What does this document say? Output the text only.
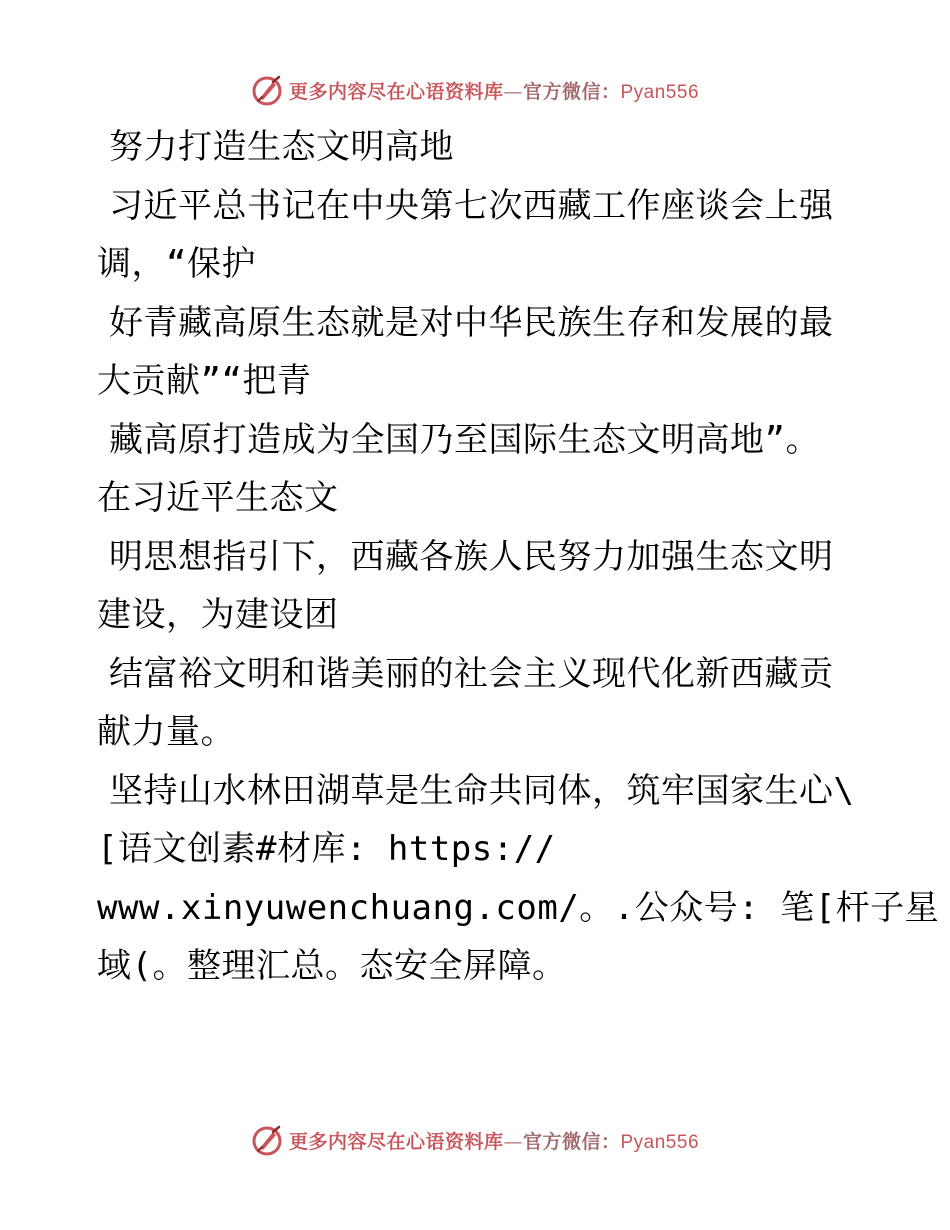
更多内容尽在心语资料库—官方微信：Pyan556
努力打造生态文明高地
习近平总书记在中央第七次西藏工作座谈会上强
调，“保护
好青藏高原生态就是对中华民族生存和发展的最
大贡献”“把青
藏高原打造成为全国乃至国际生态文明高地”。
在习近平生态文
明思想指引下，西藏各族人民努力加强生态文明
建设，为建设团
结富裕文明和谐美丽的社会主义现代化新西藏贡
献力量。
坚持山水林田湖草是生命共同体，筑牢国家生心\
[语文创素#材库: https://
www.xinyuwenchuang.com/。.公众号: 笔[杆子星
域(。整理汇总。态安全屏障。
更多内容尽在心语资料库—官方微信：Pyan556
